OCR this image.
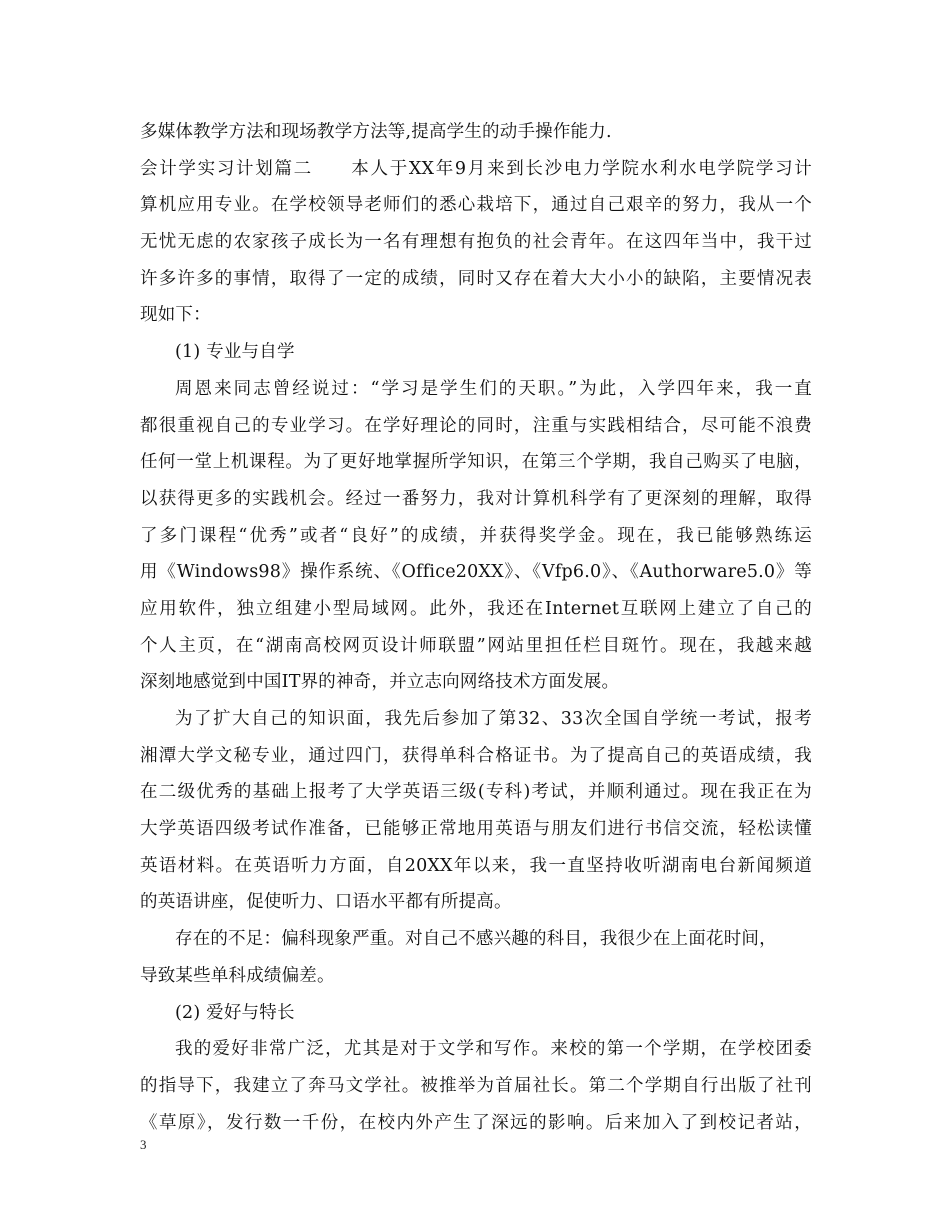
多媒体教学方法和现场教学方法等,提高学生的动手操作能力.
会计学实习计划篇二　　本人于XX年9月来到长沙电力学院水利水电学院学习计
算机应用专业。在学校领导老师们的悉心栽培下，通过自己艰辛的努力，我从一个
无忧无虑的农家孩子成长为一名有理想有抱负的社会青年。在这四年当中，我干过
许多许多的事情，取得了一定的成绩，同时又存在着大大小小的缺陷，主要情况表
现如下：
(1) 专业与自学
周恩来同志曾经说过：“学习是学生们的天职。”为此，入学四年来，我一直
都很重视自己的专业学习。在学好理论的同时，注重与实践相结合，尽可能不浪费
任何一堂上机课程。为了更好地掌握所学知识，在第三个学期，我自己购买了电脑，
以获得更多的实践机会。经过一番努力，我对计算机科学有了更深刻的理解，取得
了多门课程“优秀”或者“良好”的成绩，并获得奖学金。现在，我已能够熟练运
用《Windows98》操作系统、《Office20XX》、《Vfp6.0》、《Authorware5.0》等
应用软件，独立组建小型局域网。此外，我还在Internet互联网上建立了自己的
个人主页，在“湖南高校网页设计师联盟”网站里担任栏目斑竹。现在，我越来越
深刻地感觉到中国IT界的神奇，并立志向网络技术方面发展。
为了扩大自己的知识面，我先后参加了第32、33次全国自学统一考试，报考
湘潭大学文秘专业，通过四门，获得单科合格证书。为了提高自己的英语成绩，我
在二级优秀的基础上报考了大学英语三级(专科)考试，并顺利通过。现在我正在为
大学英语四级考试作准备，已能够正常地用英语与朋友们进行书信交流，轻松读懂
英语材料。在英语听力方面，自20XX年以来，我一直坚持收听湖南电台新闻频道
的英语讲座，促使听力、口语水平都有所提高。
存在的不足：偏科现象严重。对自己不感兴趣的科目，我很少在上面花时间，
导致某些单科成绩偏差。
(2) 爱好与特长
我的爱好非常广泛，尤其是对于文学和写作。来校的第一个学期，在学校团委
的指导下，我建立了奔马文学社。被推举为首届社长。第二个学期自行出版了社刊
《草原》，发行数一千份，在校内外产生了深远的影响。后来加入了到校记者站，
3
